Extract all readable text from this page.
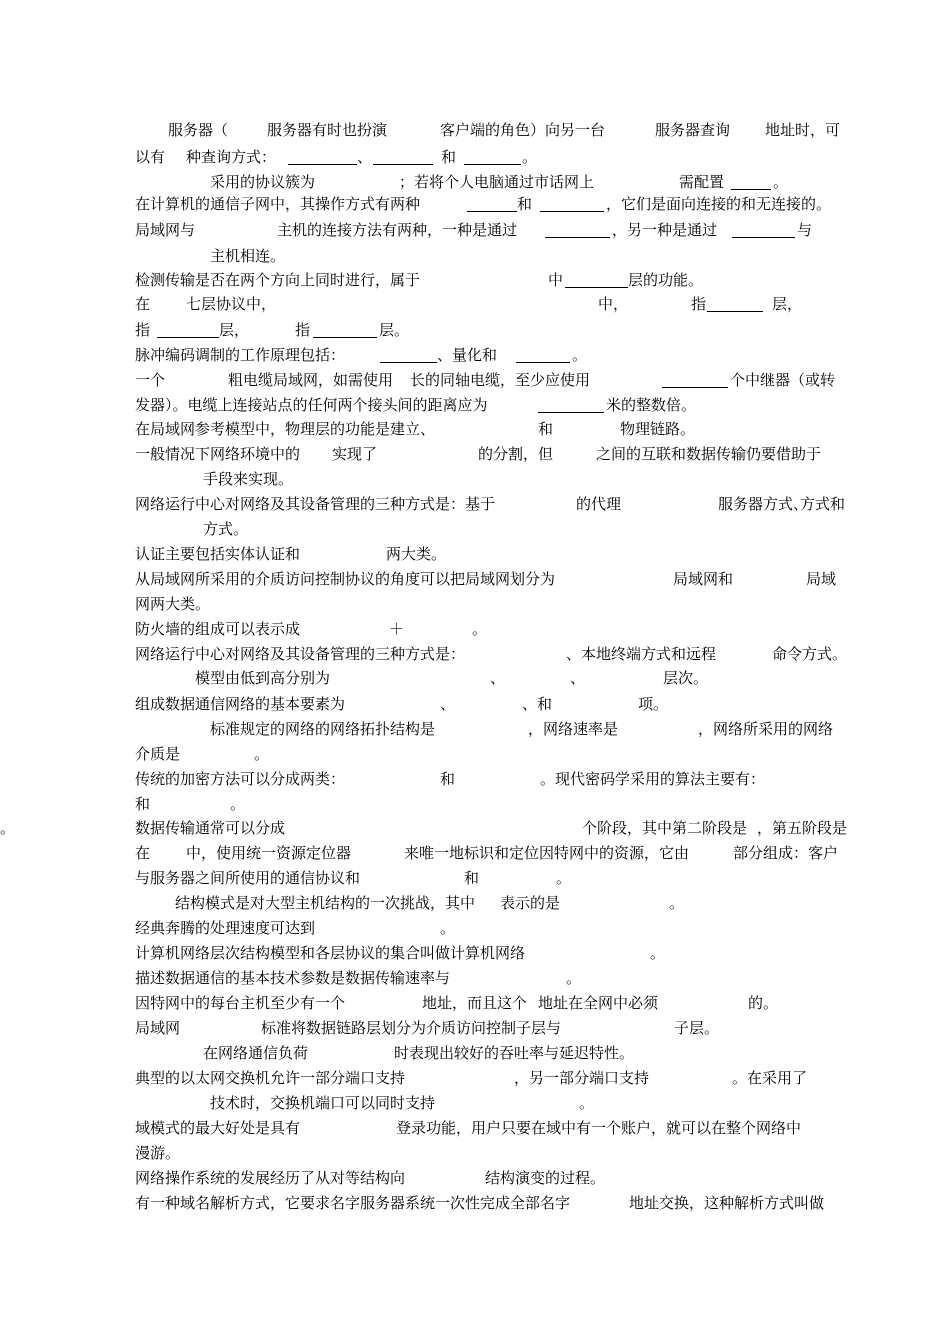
服务器（	服务器有时也扮演	客户端的角色）向另一台	服务器查询 地址时，可
以有 种查询方式：	、	和	。
采用的协议簇为	；若将个人电脑通过市话网上	需配置	。
在计算机的通信子网中，其操作方式有两种	和	，它们是面向连接的和无连接的。
局域网与	主机的连接方法有两种，一种是通过	，另一种是通过	与
主机相连。
检测传输是否在两个方向上同时进行，属于	中	层的功能。
在 七层协议中，	中，	指	层，
指	层，	指	层。
脉冲编码调制的工作原理包括：	、量化和	。
一个	粗电缆局域网，如需使用 长的同轴电缆，至少应使用	个中继器（或转
发器）。电缆上连接站点的任何两个接头间的距离应为	米的整数倍。
在局域网参考模型中，物理层的功能是建立、	和	物理链路。
一般情况下网络环境中的 实现了	的分割，但	之间的互联和数据传输仍要借助于
手段来实现。
网络运行中心对网络及其设备管理的三种方式是：基于	的代理	服务器方式、
方式和
方式。
认证主要包括实体认证和	两大类。
从局域网所采用的介质访问控制协议的角度可以把局域网划分为	局域网和	局域
网两大类。
防火墙的组成可以表示成	＋	。
网络运行中心对网络及其设备管理的三种方式是：	、本地终端方式和远程	命令方式。
模型由低到高分别为	、	、	层次。
组成数据通信网络的基本要素为	、	、和	项。
标准规定的网络的网络拓扑结构是	，网络速率是	，网络所采用的网络
介质是	。
传统的加密方法可以分成两类：	和	。现代密码学采用的算法主要有：
和	。
数据传输通常可以分成	个阶段，其中第二阶段是 ，第五阶段是
。
在 中，使用统一资源定位器	来唯一地标识和定位因特网中的资源，它由	部分组成：客户
与服务器之间所使用的通信协议和	和	。
结构模式是对大型主机结构的一次挑战，其中 表示的是	。
经典奔腾的处理速度可达到	。
计算机网络层次结构模型和各层协议的集合叫做计算机网络	。
描述数据通信的基本技术参数是数据传输速率与	。
因特网中的每台主机至少有一个	地址，而且这个 地址在全网中必须	的。
局域网	标准将数据链路层划分为介质访问控制子层与	子层。
在网络通信负荷	时表现出较好的吞吐率与延迟特性。
典型的以太网交换机允许一部分端口支持	，另一部分端口支持	。在采用了
技术时，交换机端口可以同时支持	。
域模式的最大好处是具有	登录功能，用户只要在域中有一个账户，就可以在整个网络中
漫游。
网络操作系统的发展经历了从对等结构向	结构演变的过程。
有一种域名解析方式，它要求名字服务器系统一次性完成全部名字	地址交换，这种解析方式叫做
